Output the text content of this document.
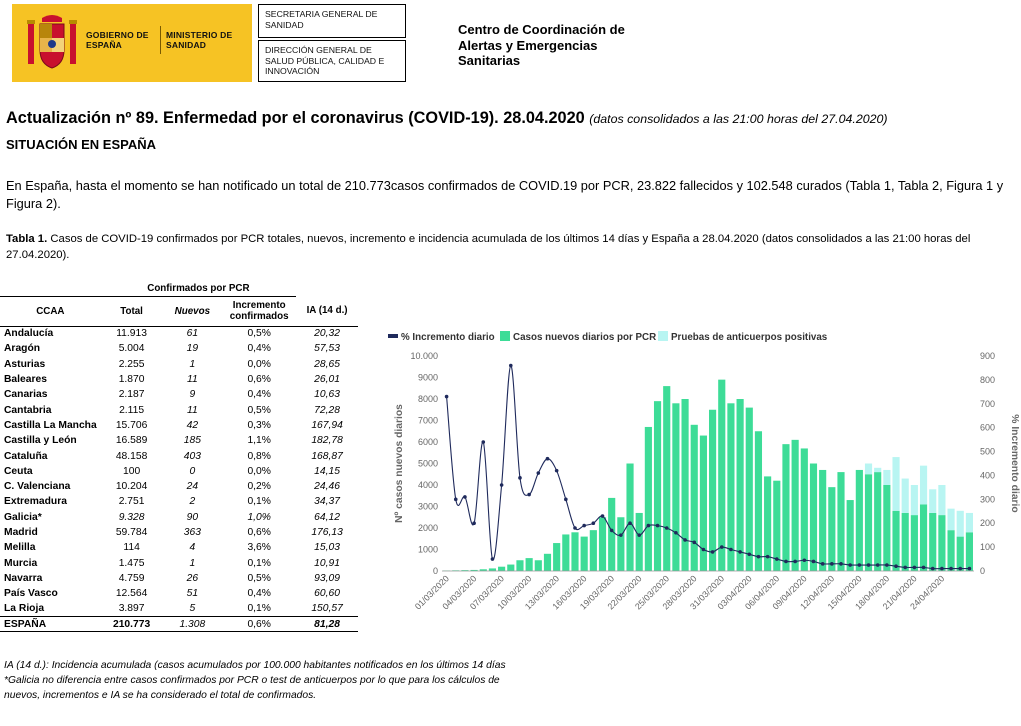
GOBIERNO DE ESPAÑA
MINISTERIO DE SANIDAD
SECRETARIA GENERAL DE SANIDAD
DIRECCIÓN GENERAL DE SALUD PÚBLICA, CALIDAD E INNOVACIÓN
Centro de Coordinación de Alertas y Emergencias Sanitarias
Actualización nº 89. Enfermedad por el coronavirus (COVID-19). 28.04.2020 (datos consolidados a las 21:00 horas del 27.04.2020)
SITUACIÓN EN ESPAÑA
En España, hasta el momento se han notificado un total de 210.773casos confirmados de COVID.19 por PCR, 23.822 fallecidos y 102.548 curados (Tabla 1, Tabla 2, Figura 1 y Figura 2).
Tabla 1. Casos de COVID-19 confirmados por PCR totales, nuevos, incremento e incidencia acumulada de los últimos 14 días y España a 28.04.2020 (datos consolidados a las 21:00 horas del 27.04.2020).
	Confirmados por PCR			
CCAA	Total	Nuevos	Incremento confirmados	IA (14 d.)
Andalucía	11.913	61	0,5%	20,32
Aragón	5.004	19	0,4%	57,53
Asturias	2.255	1	0,0%	28,65
Baleares	1.870	11	0,6%	26,01
Canarias	2.187	9	0,4%	10,63
Cantabria	2.115	11	0,5%	72,28
Castilla La Mancha	15.706	42	0,3%	167,94
Castilla y León	16.589	185	1,1%	182,78
Cataluña	48.158	403	0,8%	168,87
Ceuta	100	0	0,0%	14,15
C. Valenciana	10.204	24	0,2%	24,46
Extremadura	2.751	2	0,1%	34,37
Galicia*	9.328	90	1,0%	64,12
Madrid	59.784	363	0,6%	176,13
Melilla	114	4	3,6%	15,03
Murcia	1.475	1	0,1%	10,91
Navarra	4.759	26	0,5%	93,09
País Vasco	12.564	51	0,4%	60,60
La Rioja	3.897	5	0,1%	150,57
ESPAÑA	210.773	1.308	0,6%	81,28
% Incremento diario Casos nuevos diarios por PCR Pruebas de anticuerpos positivas
0
1000
2000
3000
4000
5000
6000
7000
8000
9000
10.000
0
100
200
300
400
500
600
700
800
900
Nº casos nuevos diarios	% Incremento diario
01/03/2020
04/03/2020
07/03/2020
10/03/2020
13/03/2020
16/03/2020
19/03/2020
22/03/2020
25/03/2020
28/03/2020
31/03/2020
03/04/2020
06/04/2020
09/04/2020
12/04/2020
15/04/2020
18/04/2020
21/04/2020
24/04/2020
IA (14 d.): Incidencia acumulada (casos acumulados por 100.000 habitantes notificados en los últimos 14 días
*Galicia no diferencia entre casos confirmados por PCR o test de anticuerpos por lo que para los cálculos de nuevos, incrementos e IA se ha considerado el total de confirmados.
